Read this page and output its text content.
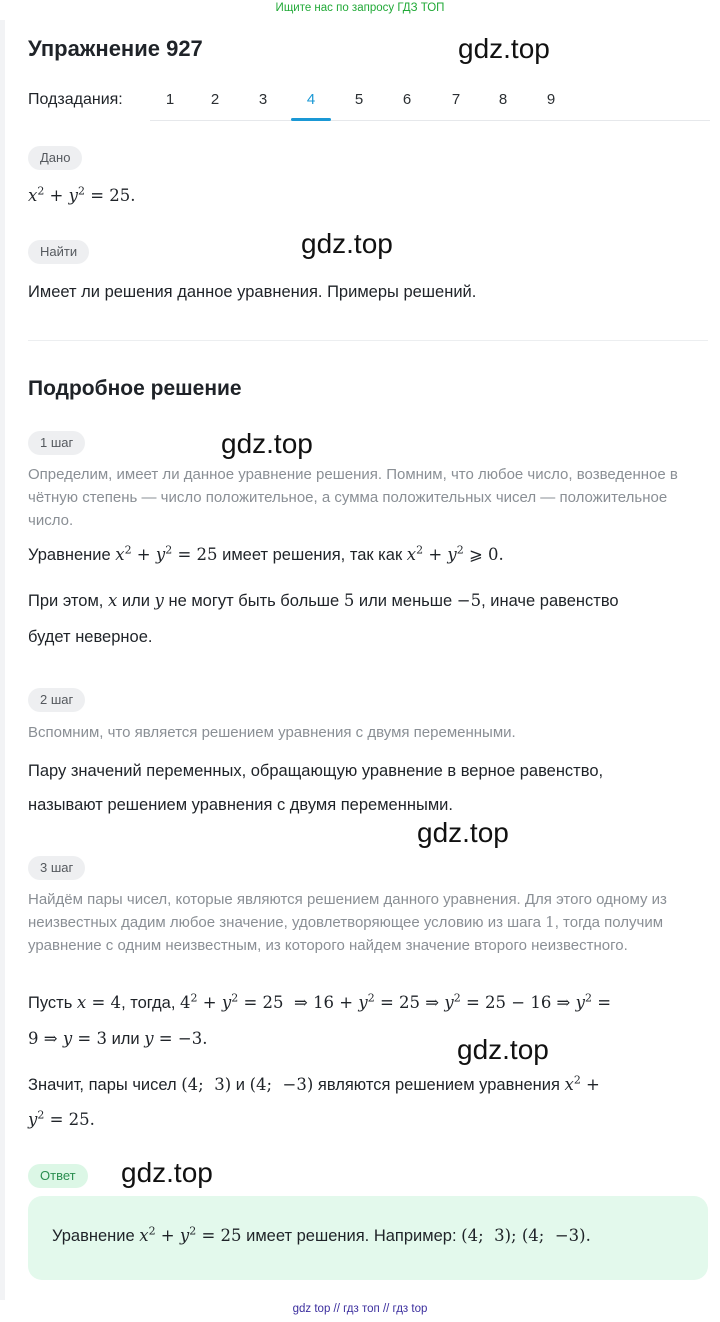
Ищите нас по запросу ГДЗ ТОП
Упражнение 927	gdz.top
Подзадания:	1	2	3	4	5	6	7	8	9
Дано
$x^2 + y^2 = 25$.
Найти	gdz.top
Имеет ли решения данное уравнения. Примеры решений.
Подробное решение
1 шаг	gdz.top
Определим, имеет ли данное уравнение решения. Помним, что любое число, возведенное в чётную степень — число положительное, а сумма положительных чисел — положительное число.
Уравнение $x^2 + y^2 = 25$ имеет решения, так как $x^2 + y^2$ ⩾ 0.
При этом, x или y не могут быть больше 5 или меньше −5, иначе равенство
будет неверное.
2 шаг
Вспомним, что является решением уравнения с двумя переменными.
Пару значений переменных, обращающую уравнение в верное равенство,
называют решением уравнения с двумя переменными.
gdz.top
3 шаг
Найдём пары чисел, которые являются решением данного уравнения. Для этого одному из неизвестных дадим любое значение, удовлетворяющее условию из шага 1, тогда получим уравнение с одним неизвестным, из которого найдем значение второго неизвестного.
Пусть x = 4, тогда, $4^2 + y^2 = 25$  ⇒ $16 + y^2 = 25$ ⇒ $y^2 = 25 - 16$ ⇒ $y^2$ =
9 ⇒ y = 3 или y = −3.	gdz.top
Значит, пары чисел (4;  3) и (4;  −3) являются решением уравнения $x^2$ +
$y^2 = 25$.
Ответ	gdz.top
Уравнение $x^2 + y^2 = 25$ имеет решения. Например: (4;  3); (4;  −3).
gdz top // гдз топ // гдз top
